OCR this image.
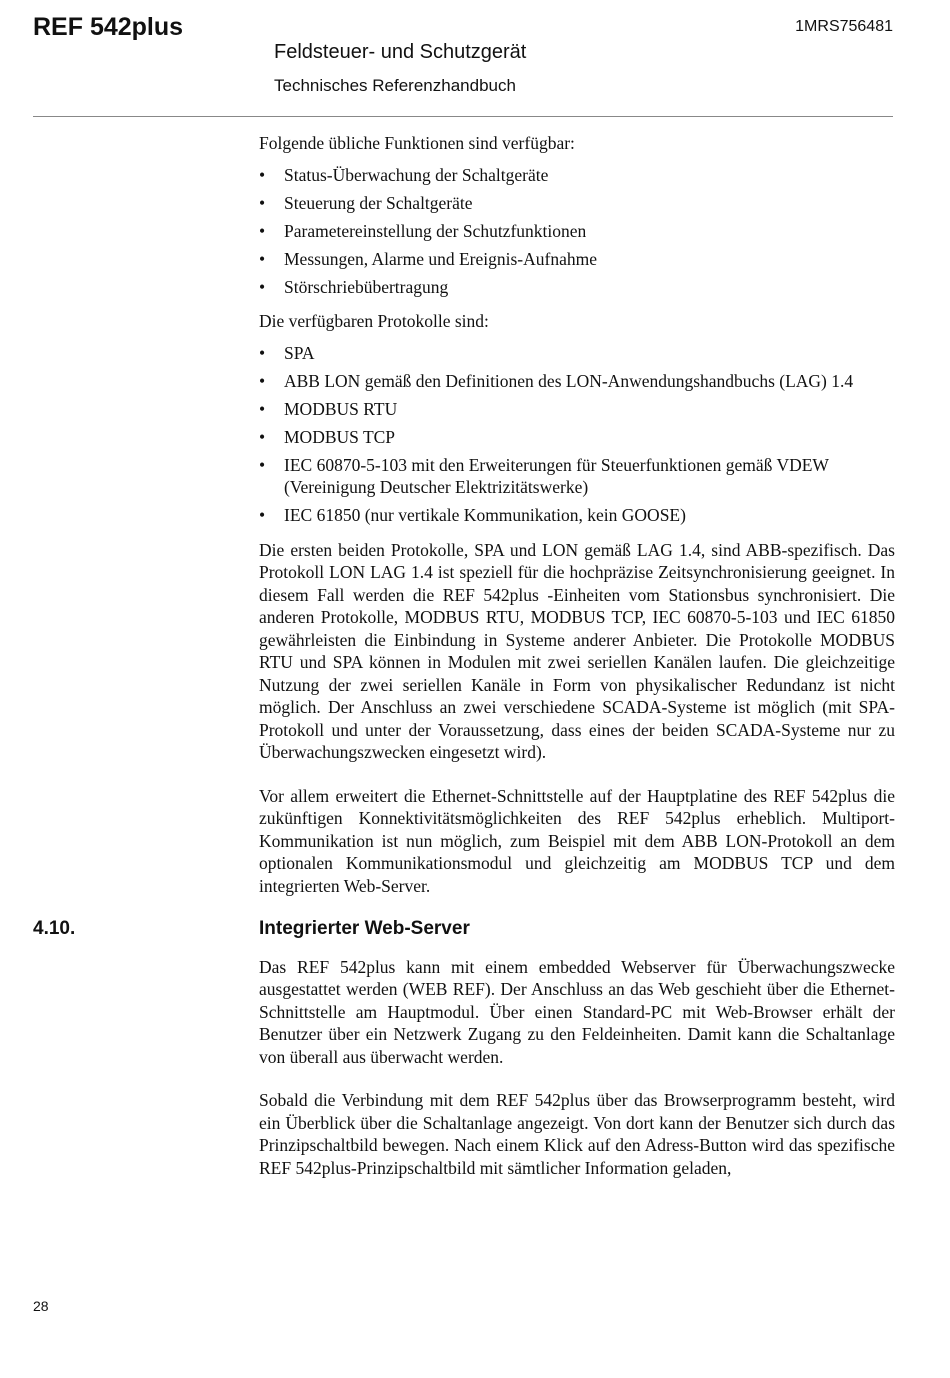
REF 542plus	1MRS756481
Feldsteuer- und Schutzgerät
Technisches Referenzhandbuch

Folgende übliche Funktionen sind verfügbar:

• Status-Überwachung der Schaltgeräte
• Steuerung der Schaltgeräte
• Parametereinstellung der Schutzfunktionen
• Messungen, Alarme und Ereignis-Aufnahme
• Störschriebübertragung

Die verfügbaren Protokolle sind:

• SPA
• ABB LON gemäß den Definitionen des LON-Anwendungshandbuchs (LAG) 1.4
• MODBUS RTU
• MODBUS TCP
• IEC 60870-5-103 mit den Erweiterungen für Steuerfunktionen gemäß VDEW (Vereinigung Deutscher Elektrizitätswerke)
• IEC 61850 (nur vertikale Kommunikation, kein GOOSE)

Die ersten beiden Protokolle, SPA und LON gemäß LAG 1.4, sind ABB-spezifisch. Das Protokoll LON LAG 1.4 ist speziell für die hochpräzise Zeitsynchronisierung geeignet. In diesem Fall werden die REF 542plus -Einheiten vom Stationsbus synchronisiert. Die anderen Protokolle, MODBUS RTU, MODBUS TCP, IEC 60870-5-103 und IEC 61850 gewährleisten die Einbindung in Systeme anderer Anbieter. Die Protokolle MODBUS RTU und SPA können in Modulen mit zwei seriellen Kanälen laufen. Die gleichzeitige Nutzung der zwei seriellen Kanäle in Form von physikalischer Redundanz ist nicht möglich. Der Anschluss an zwei verschiedene SCADA-Systeme ist möglich (mit SPA-Protokoll und unter der Voraussetzung, dass eines der beiden SCADA-Systeme nur zu Überwachungszwecken eingesetzt wird).

Vor allem erweitert die Ethernet-Schnittstelle auf der Hauptplatine des REF 542plus die zukünftigen Konnektivitätsmöglichkeiten des REF 542plus erheblich. Multiport-Kommunikation ist nun möglich, zum Beispiel mit dem ABB LON-Protokoll an dem optionalen Kommunikationsmodul und gleichzeitig am MODBUS TCP und dem integrierten Web-Server.

Integrierter Web-Server

Das REF 542plus kann mit einem embedded Webserver für Überwachungszwecke ausgestattet werden (WEB REF). Der Anschluss an das Web geschieht über die Ethernet-Schnittstelle am Hauptmodul. Über einen Standard-PC mit Web-Browser erhält der Benutzer über ein Netzwerk Zugang zu den Feldeinheiten. Damit kann die Schaltanlage von überall aus überwacht werden.

Sobald die Verbindung mit dem REF 542plus über das Browserprogramm besteht, wird ein Überblick über die Schaltanlage angezeigt. Von dort kann der Benutzer sich durch das Prinzipschaltbild bewegen. Nach einem Klick auf den Adress-Button wird das spezifische REF 542plus-Prinzipschaltbild mit sämtlicher Information geladen,

4.10.
28
